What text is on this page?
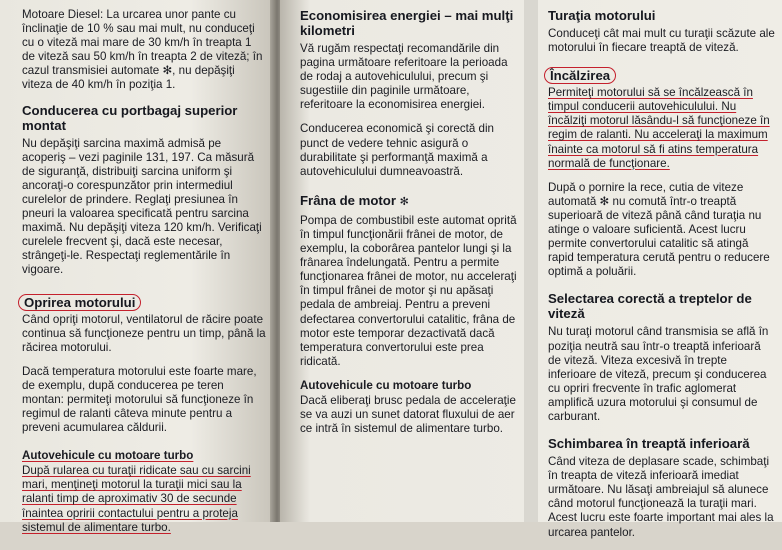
Motoare Diesel: La urcarea unor pante cu înclinaţie de 10 % sau mai mult, nu conduceţi cu o viteză mai mare de 30 km/h în treapta 1 de viteză sau 50 km/h în treapta 2 de viteză; în cazul transmisiei automate ✻, nu depăşiţi viteza de 40 km/h în poziţia 1.

Conducerea cu portbagaj superior montat

Nu depăşiţi sarcina maximă admisă pe acoperiş – vezi paginile 131, 197. Ca măsură de siguranţă, distribuiţi sarcina uniform şi ancoraţi-o corespunzător prin intermediul curelelor de prindere. Reglaţi presiunea în pneuri la valoarea specificată pentru sarcina maximă. Nu depăşiţi viteza 120 km/h. Verificaţi curelele frecvent şi, dacă este necesar, strângeţi-le. Respectaţi reglementările în vigoare.

Oprirea motorului

Când opriţi motorul, ventilatorul de răcire poate continua să funcţioneze pentru un timp, până la răcirea motorului.

Dacă temperatura motorului este foarte mare, de exemplu, după conducerea pe teren montan: permiteţi motorului să funcţioneze în regimul de ralanti câteva minute pentru a preveni acumularea căldurii.

Autovehicule cu motoare turbo

După rularea cu turaţii ridicate sau cu sarcini mari, menţineţi motorul la turaţii mici sau la ralanti timp de aproximativ 30 de secunde înaintea opririi contactului pentru a proteja sistemul de alimentare turbo.

Economisirea energiei – mai mulţi kilometri

Vă rugăm respectaţi recomandările din pagina următoare referitoare la perioada de rodaj a autovehiculului, precum şi sugestiile din paginile următoare, referitoare la economisirea energiei.

Conducerea economică şi corectă din punct de vedere tehnic asigură o durabilitate şi performanţă maximă a autovehiculului dumneavoastră.

Frâna de motor ✻

Pompa de combustibil este automat oprită în timpul funcţionării frânei de motor, de exemplu, la coborârea pantelor lungi şi la frânarea îndelungată. Pentru a permite funcţionarea frânei de motor, nu acceleraţi în timpul frânei de motor şi nu apăsaţi pedala de ambreiaj. Pentru a preveni defectarea convertorului catalitic, frâna de motor este temporar dezactivată dacă temperatura convertorului este prea ridicată.

Autovehicule cu motoare turbo

Dacă eliberaţi brusc pedala de acceleraţie se va auzi un sunet datorat fluxului de aer ce intră în sistemul de alimentare turbo.

Turaţia motorului

Conduceţi cât mai mult cu turaţii scăzute ale motorului în fiecare treaptă de viteză.

Încălzirea

Permiteţi motorului să se încălzească în timpul conducerii autovehiculului. Nu încălziţi motorul lăsându-l să funcţioneze în regim de ralanti. Nu acceleraţi la maximum înainte ca motorul să fi atins temperatura normală de funcţionare.

După o pornire la rece, cutia de viteze automată ✻ nu comută într-o treaptă superioară de viteză până când turaţia nu atinge o valoare suficientă. Acest lucru permite convertorului catalitic să atingă rapid temperatura cerută pentru o reducere optimă a poluării.

Selectarea corectă a treptelor de viteză

Nu turaţi motorul când transmisia se află în poziţia neutră sau într-o treaptă inferioară de viteză. Viteza excesivă în trepte inferioare de viteză, precum şi conducerea cu opriri frecvente în trafic aglomerat amplifică uzura motorului şi consumul de carburant.

Schimbarea în treaptă inferioară

Când viteza de deplasare scade, schimbaţi în treapta de viteză inferioară imediat următoare. Nu lăsaţi ambreiajul să alunece când motorul funcţionează la turaţii mari. Acest lucru este foarte important mai ales la urcarea pantelor.
